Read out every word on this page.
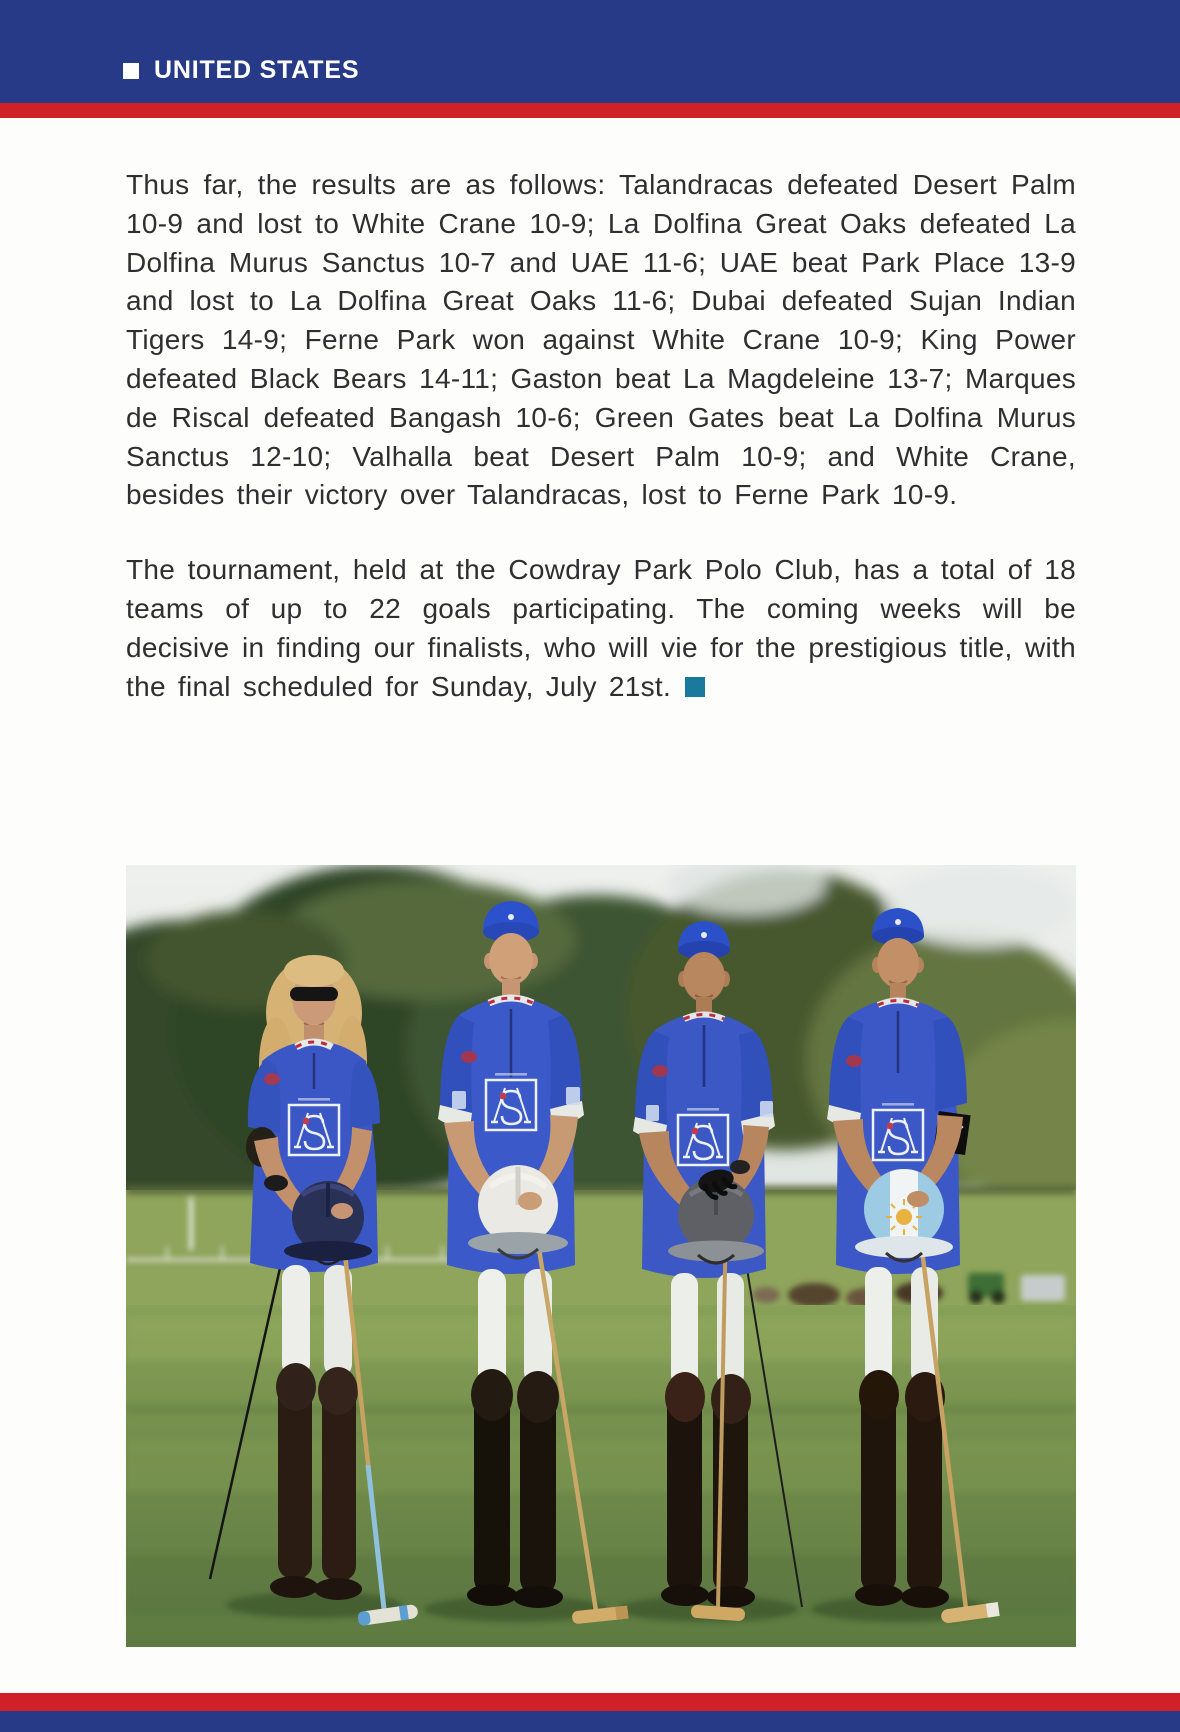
UNITED STATES

Thus far, the results are as follows: Talandracas defeated Desert Palm 10-9 and lost to White Crane 10-9; La Dolfina Great Oaks defeated La Dolfina Murus Sanctus 10-7 and UAE 11-6; UAE beat Park Place 13-9 and lost to La Dolfina Great Oaks 11-6; Dubai defeated Sujan Indian Tigers 14-9; Ferne Park won against White Crane 10-9; King Power defeated Black Bears 14-11; Gaston beat La Magdeleine 13-7; Marques de Riscal defeated Bangash 10-6; Green Gates beat La Dolfina Murus Sanctus 12-10; Valhalla beat Desert Palm 10-9; and White Crane, besides their victory over Talandracas, lost to Ferne Park 10-9.

The tournament, held at the Cowdray Park Polo Club, has a total of 18 teams of up to 22 goals participating. The coming weeks will be decisive in finding our finalists, who will vie for the prestigious title, with the final scheduled for Sunday, July 21st.
